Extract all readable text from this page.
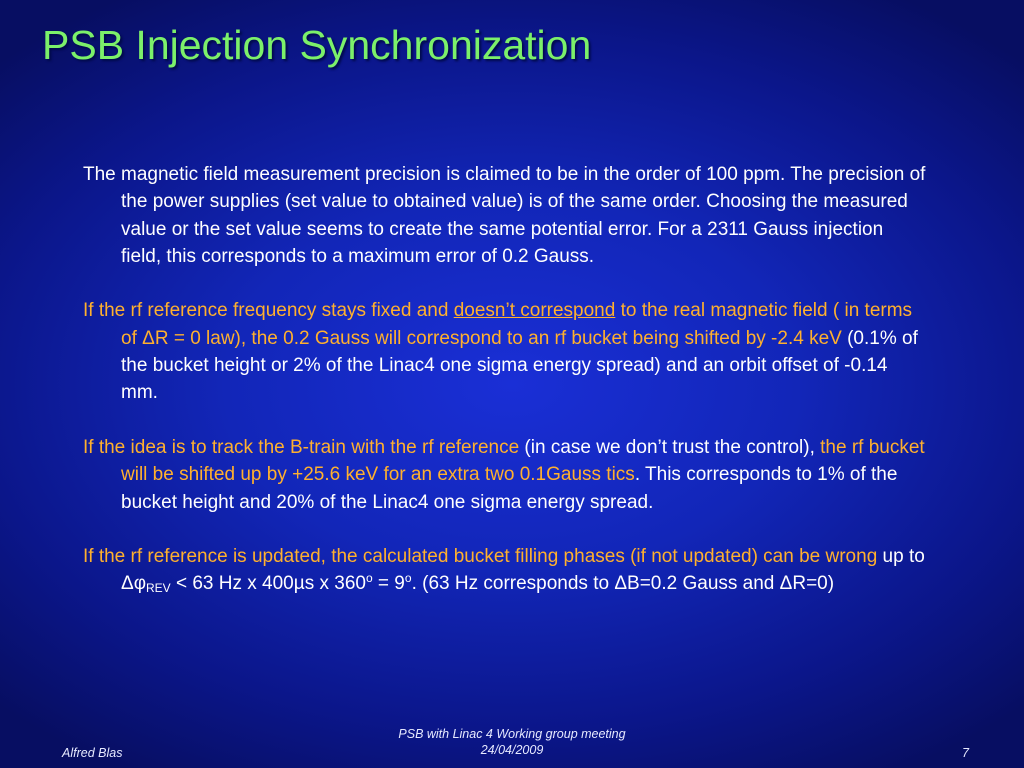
PSB Injection Synchronization

The magnetic field measurement precision is claimed to be in the order of 100 ppm. The precision of the power supplies (set value to obtained value) is of the same order. Choosing the measured value or the set value seems to create the same potential error. For a 2311 Gauss injection field, this corresponds to a maximum error of 0.2 Gauss.

If the rf reference frequency stays fixed and doesn’t correspond to the real magnetic field ( in terms of ΔR = 0 law), the 0.2 Gauss will correspond to an rf bucket being shifted by -2.4 keV (0.1% of the bucket height or 2% of the Linac4 one sigma energy spread) and an orbit offset of -0.14 mm.

If the idea is to track the B-train with the rf reference (in case we don’t trust the control), the rf bucket will be shifted up by +25.6 keV for an extra two 0.1Gauss tics. This corresponds to 1% of the bucket height and 20% of the Linac4 one sigma energy spread.

If the rf reference is updated, the calculated bucket filling phases (if not updated) can be wrong up to $\Delta\varphi_{REV} < 63$ Hz x 400µs x $360^o = 9^o$. (63 Hz corresponds to ΔB=0.2 Gauss and ΔR=0)

Alfred Blas
PSB with Linac 4 Working group meeting
24/04/2009	7
